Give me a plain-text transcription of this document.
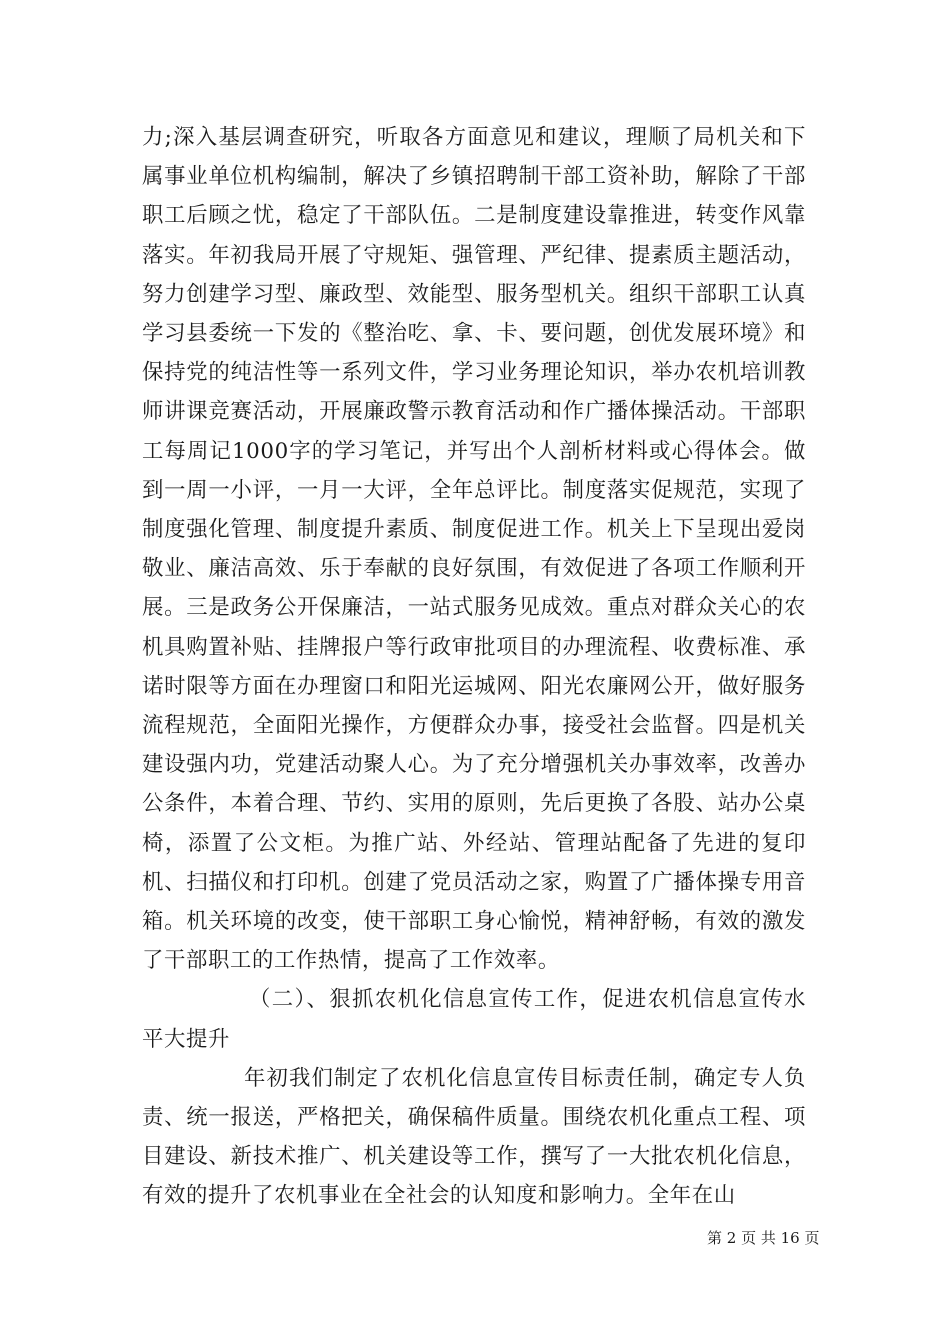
力;深入基层调查研究，听取各方面意见和建议，理顺了局机关和下属事业单位机构编制，解决了乡镇招聘制干部工资补助，解除了干部职工后顾之忧，稳定了干部队伍。二是制度建设靠推进，转变作风靠落实。年初我局开展了守规矩、强管理、严纪律、提素质主题活动，努力创建学习型、廉政型、效能型、服务型机关。组织干部职工认真学习县委统一下发的《整治吃、拿、卡、要问题，创优发展环境》和保持党的纯洁性等一系列文件，学习业务理论知识，举办农机培训教师讲课竞赛活动，开展廉政警示教育活动和作广播体操活动。干部职工每周记1000字的学习笔记，并写出个人剖析材料或心得体会。做到一周一小评，一月一大评，全年总评比。制度落实促规范，实现了制度强化管理、制度提升素质、制度促进工作。机关上下呈现出爱岗敬业、廉洁高效、乐于奉献的良好氛围，有效促进了各项工作顺利开展。三是政务公开保廉洁，一站式服务见成效。重点对群众关心的农机具购置补贴、挂牌报户等行政审批项目的办理流程、收费标准、承诺时限等方面在办理窗口和阳光运城网、阳光农廉网公开，做好服务流程规范，全面阳光操作，方便群众办事，接受社会监督。四是机关建设强内功，党建活动聚人心。为了充分增强机关办事效率，改善办公条件，本着合理、节约、实用的原则，先后更换了各股、站办公桌椅，添置了公文柜。为推广站、外经站、管理站配备了先进的复印机、扫描仪和打印机。创建了党员活动之家，购置了广播体操专用音箱。机关环境的改变，使干部职工身心愉悦，精神舒畅，有效的激发了干部职工的工作热情，提高了工作效率。

（二）、狠抓农机化信息宣传工作，促进农机信息宣传水平大提升

年初我们制定了农机化信息宣传目标责任制，确定专人负责、统一报送，严格把关，确保稿件质量。围绕农机化重点工程、项目建设、新技术推广、机关建设等工作，撰写了一大批农机化信息，有效的提升了农机事业在全社会的认知度和影响力。全年在山

第 2 页 共 16 页
